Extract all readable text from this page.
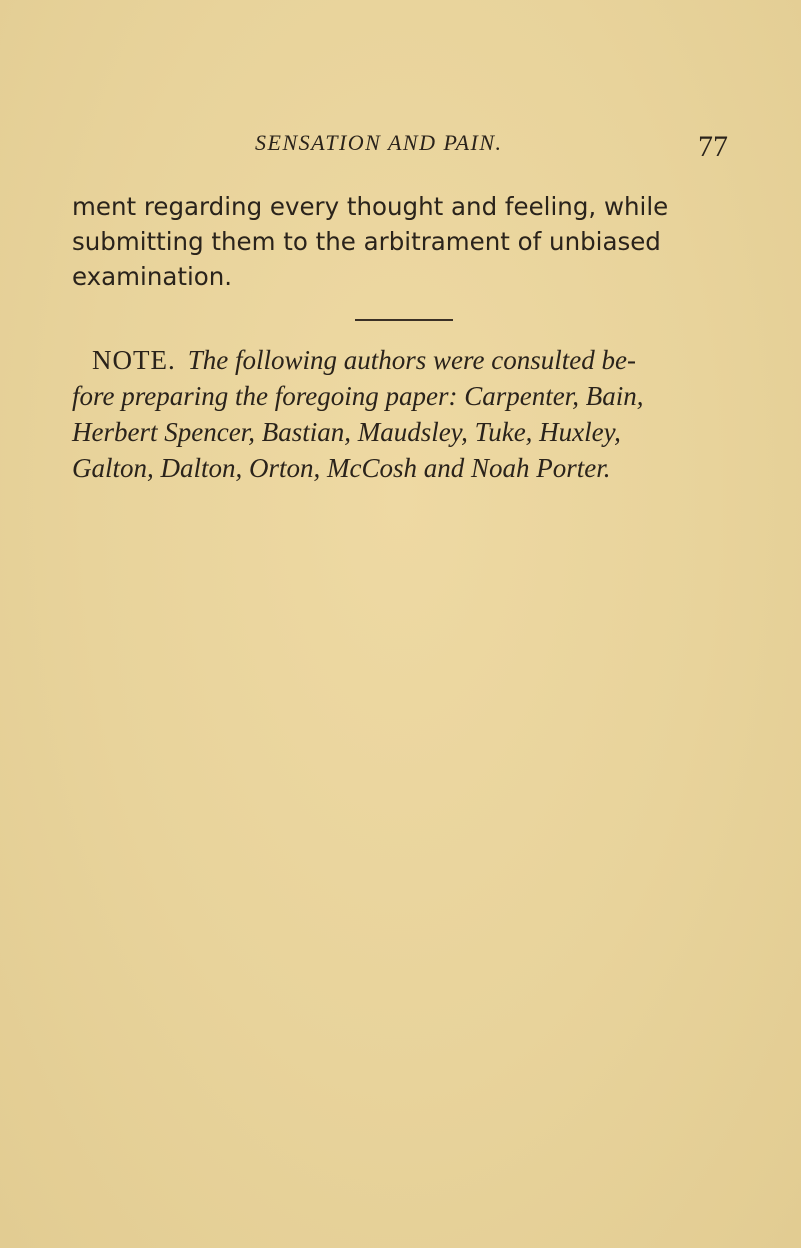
SENSATION AND PAIN.	77

ment regarding every thought and feeling, while
submitting them to the arbitrament of unbiased
examination.

NOTE. The following authors were consulted be-
fore preparing the foregoing paper: Carpenter, Bain,
Herbert Spencer, Bastian, Maudsley, Tuke, Huxley,
Galton, Dalton, Orton, McCosh and Noah Porter.
